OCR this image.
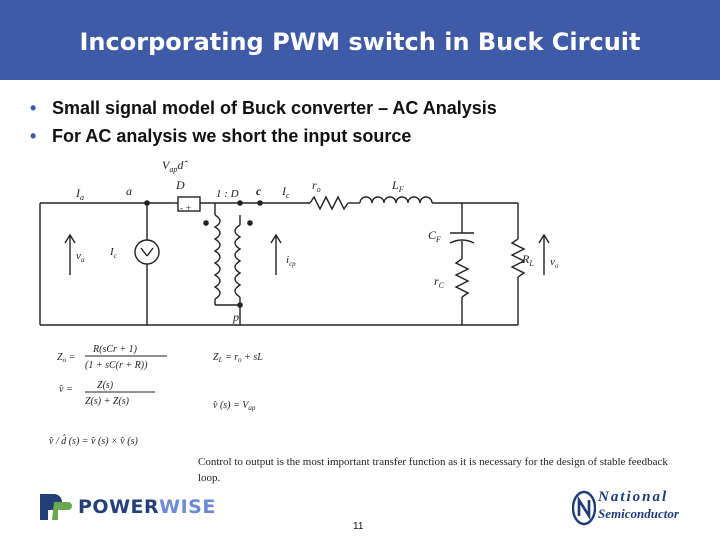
Incorporating PWM switch in Buck Circuit
• Small signal model of Buck converter – AC Analysis
• For AC analysis we short the input source
$V_{ap}dˆ$
D
- +
$I_a$	a	1 : D c $I_c$
$r_o$	$L_F$
$C_F$
$r_C$
$R_L$
$v_a$
$I_c$	$i_{cp}$	$v_o$
p
$Z_o$ =
R(sCr + 1)
(1 + sC(r + R))
$Z_L = r_o$ + sL
v̂ = Z(s)
Z(s) + Z(s)	v̂ $(s) = V_{ap}$
v̂ / d̂ (s) = v̂ (s) × v̂ (s)
Control to output is the most important transfer function as it is necessary for the design of stable feedback loop.
POWERWISE
11
National
Semiconductor
